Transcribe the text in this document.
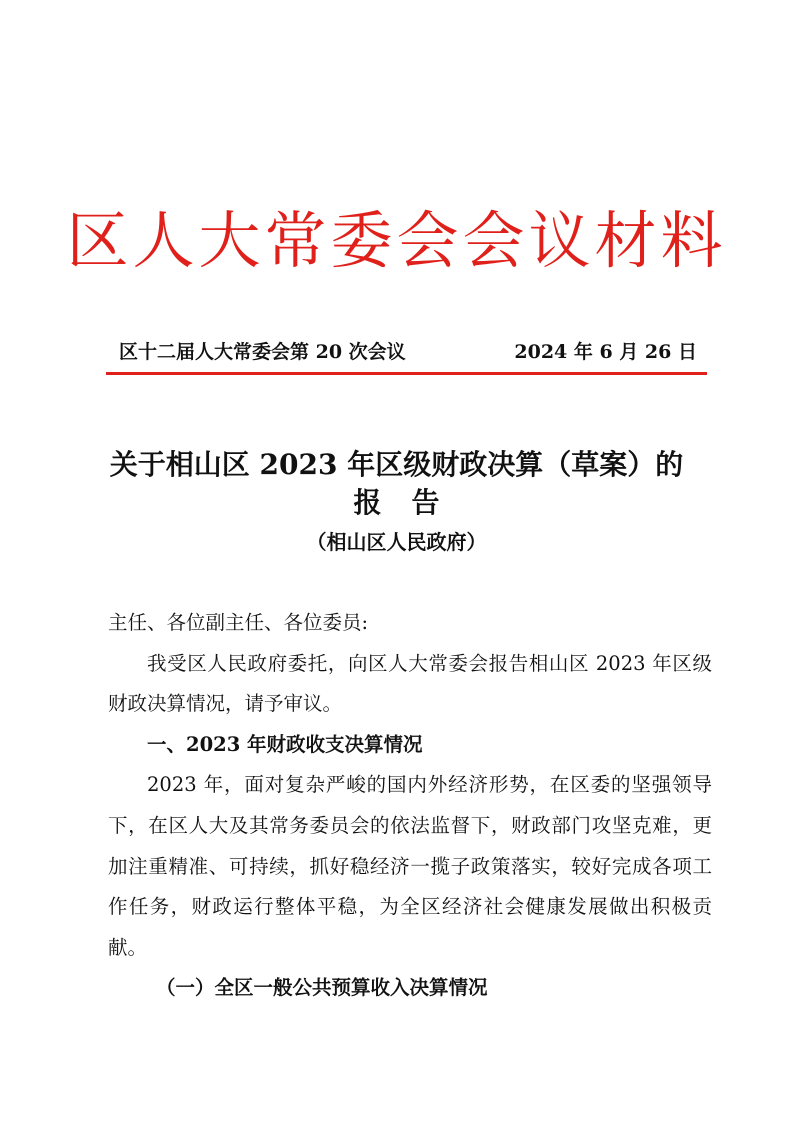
区人大常委会会议材料
区十二届人大常委会第 20 次会议	2024 年 6 月 26 日
关于相山区 2023 年区级财政决算（草案）的
报告
（相山区人民政府）

主任、各位副主任、各位委员:

我受区人民政府委托，向区人大常委会报告相山区 2023 年区级财政决算情况，请予审议。

一、2023 年财政收支决算情况

2023 年，面对复杂严峻的国内外经济形势，在区委的坚强领导下，在区人大及其常务委员会的依法监督下，财政部门攻坚克难，更加注重精准、可持续，抓好稳经济一揽子政策落实，较好完成各项工作任务，财政运行整体平稳，为全区经济社会健康发展做出积极贡献。

（一）全区一般公共预算收入决算情况
